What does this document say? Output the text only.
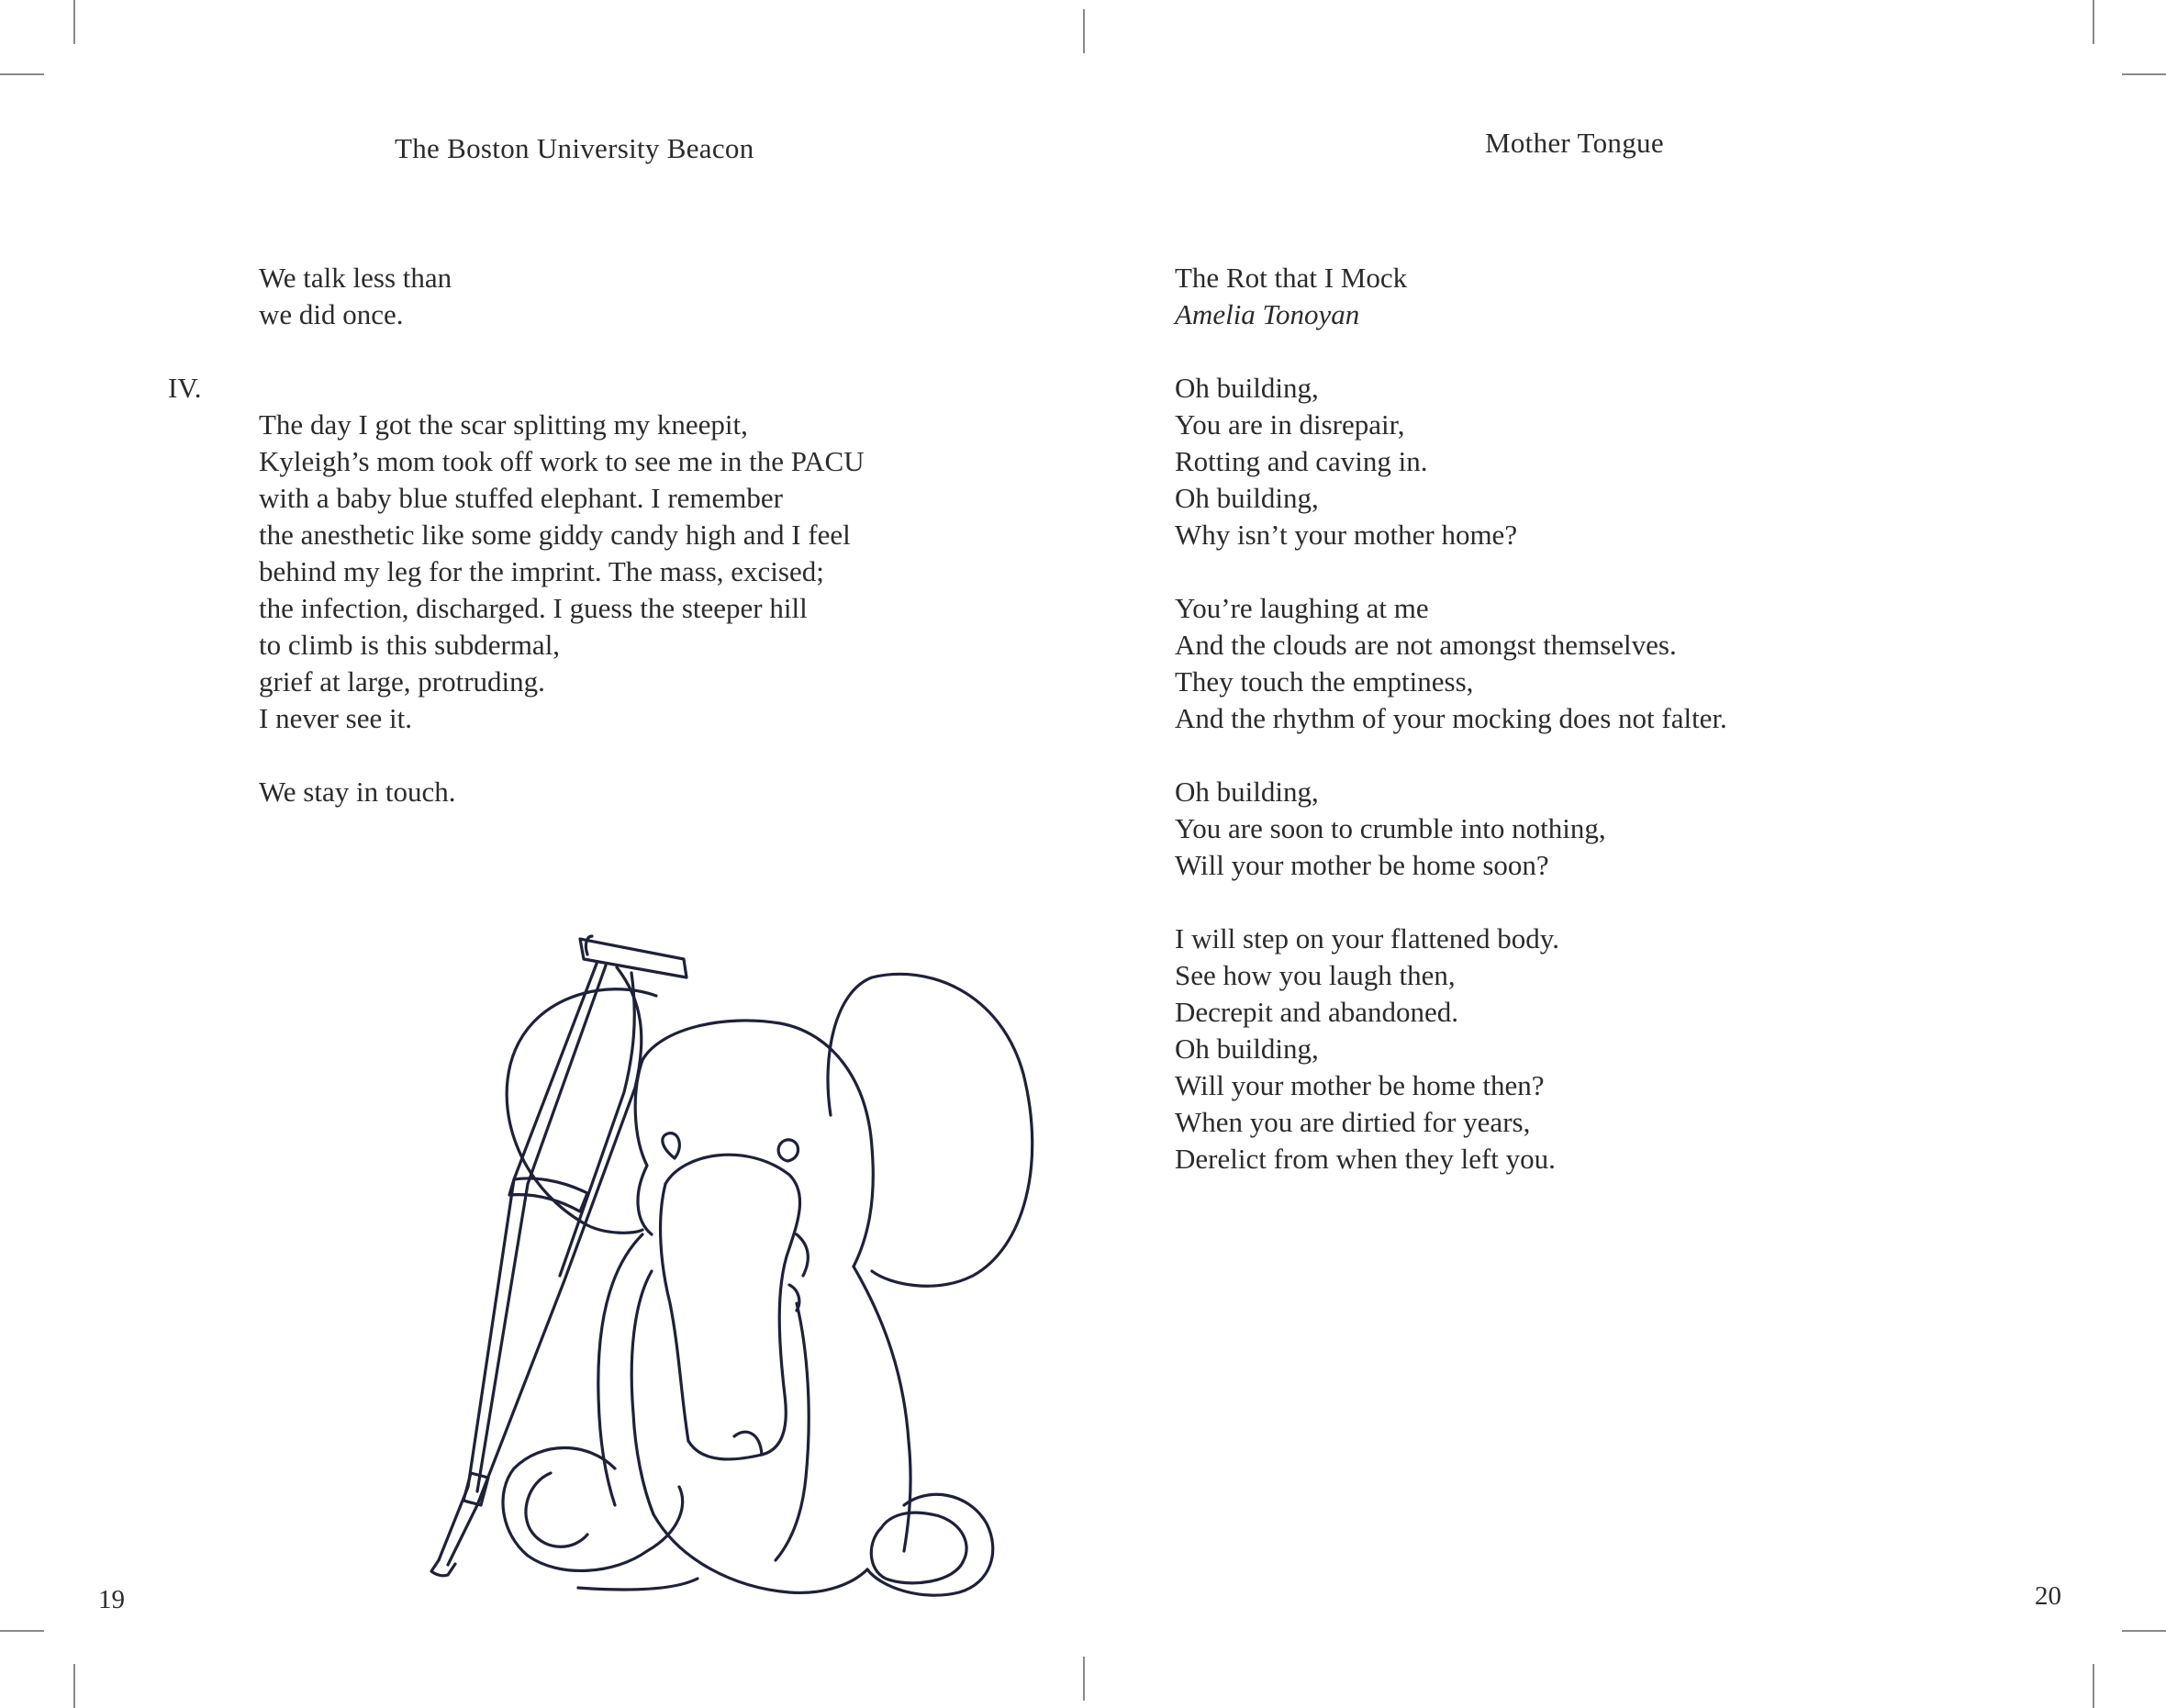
The Boston University Beacon
We talk less than
we did once.
IV.
The day I got the scar splitting my kneepit,
Kyleigh’s mom took off work to see me in the PACU
with a baby blue stuffed elephant. I remember
the anesthetic like some giddy candy high and I feel
behind my leg for the imprint. The mass, excised;
the infection, discharged. I guess the steeper hill
to climb is this subdermal,
grief at large, protruding.
I never see it.
We stay in touch.
19
Mother Tongue
The Rot that I Mock
Amelia Tonoyan
Oh building,
You are in disrepair,
Rotting and caving in.
Oh building,
Why isn’t your mother home?
You’re laughing at me
And the clouds are not amongst themselves.
They touch the emptiness,
And the rhythm of your mocking does not falter.
Oh building,
You are soon to crumble into nothing,
Will your mother be home soon?
I will step on your flattened body.
See how you laugh then,
Decrepit and abandoned.
Oh building,
Will your mother be home then?
When you are dirtied for years,
Derelict from when they left you.
20
